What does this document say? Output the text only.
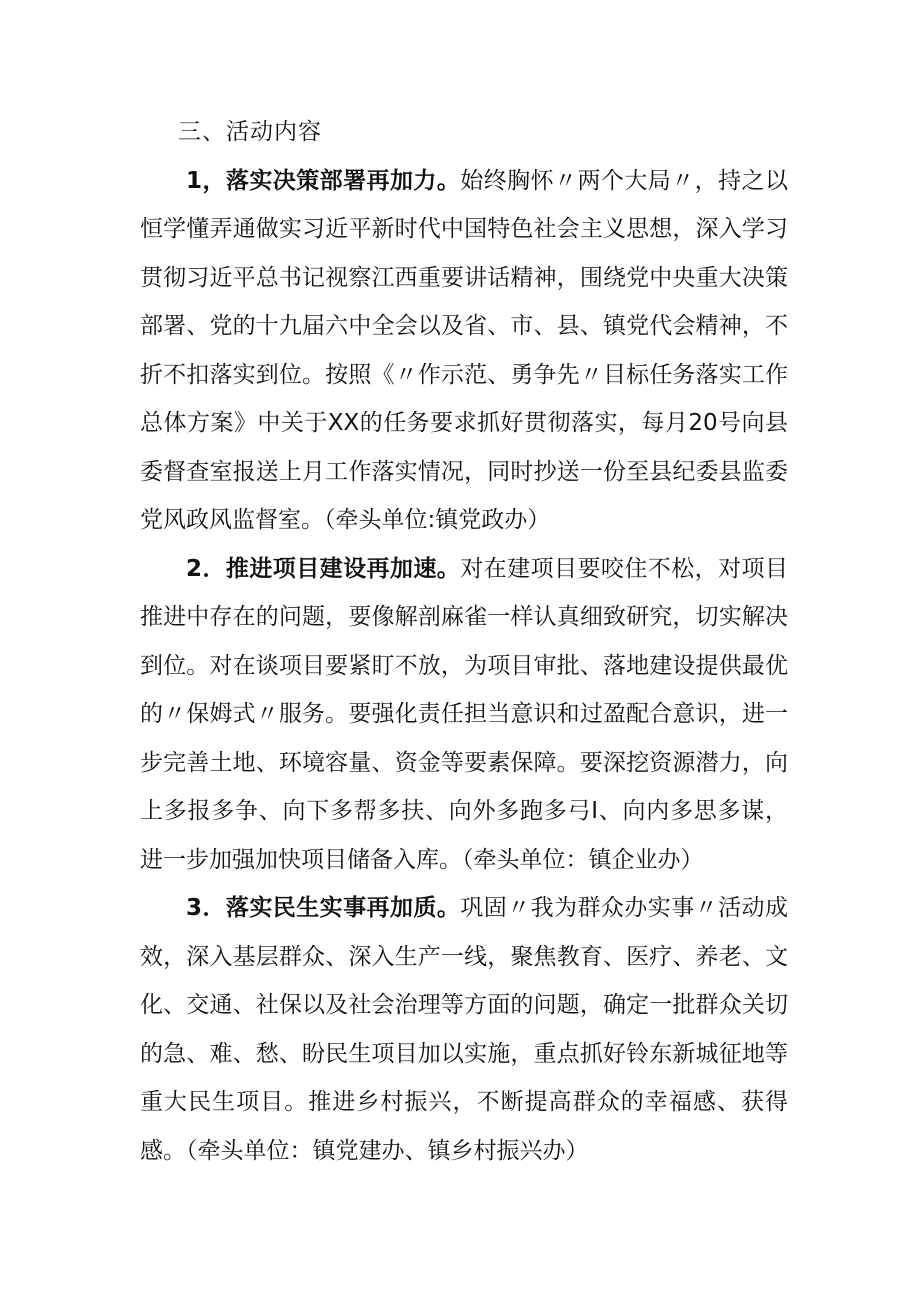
三、活动内容

1，落实决策部署再加力。始终胸怀〃两个大局〃，持之以恒学懂弄通做实习近平新时代中国特色社会主义思想，深入学习贯彻习近平总书记视察江西重要讲话精神，围绕党中央重大决策部署、党的十九届六中全会以及省、市、县、镇党代会精神，不折不扣落实到位。按照《〃作示范、勇争先〃目标任务落实工作总体方案》中关于XX的任务要求抓好贯彻落实，每月20号向县委督查室报送上月工作落实情况，同时抄送一份至县纪委县监委党风政风监督室。（牵头单位:镇党政办）

2．推进项目建设再加速。对在建项目要咬住不松，对项目推进中存在的问题，要像解剖麻雀一样认真细致研究，切实解决到位。对在谈项目要紧盯不放，为项目审批、落地建设提供最优的〃保姆式〃服务。要强化责任担当意识和过盈配合意识，进一步完善土地、环境容量、资金等要素保障。要深挖资源潜力，向上多报多争、向下多帮多扶、向外多跑多弓I、向内多思多谋，进一步加强加快项目储备入库。（牵头单位：镇企业办）

3．落实民生实事再加质。巩固〃我为群众办实事〃活动成效，深入基层群众、深入生产一线，聚焦教育、医疗、养老、文化、交通、社保以及社会治理等方面的问题，确定一批群众关切的急、难、愁、盼民生项目加以实施，重点抓好铃东新城征地等重大民生项目。推进乡村振兴，不断提高群众的幸福感、获得感。（牵头单位：镇党建办、镇乡村振兴办）
